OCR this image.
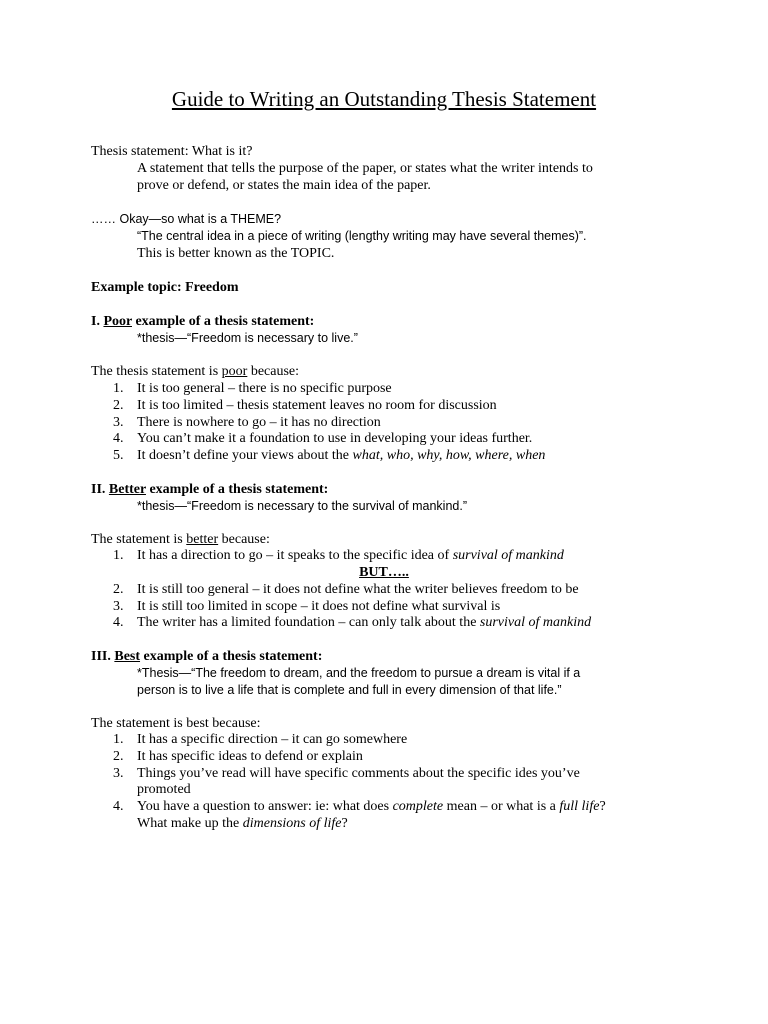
Guide to Writing an Outstanding Thesis Statement
Thesis statement: What is it?
A statement that tells the purpose of the paper, or states what the writer intends to
prove or defend, or states the main idea of the paper.
…… Okay—so what is a THEME?
“The central idea in a piece of writing (lengthy writing may have several themes)”.
This is better known as the TOPIC.
Example topic: Freedom
I. Poor example of a thesis statement:
*thesis—“Freedom is necessary to live.”
The thesis statement is poor because:
1. It is too general – there is no specific purpose
2. It is too limited – thesis statement leaves no room for discussion
3. There is nowhere to go – it has no direction
4. You can’t make it a foundation to use in developing your ideas further.
5. It doesn’t define your views about the what, who, why, how, where, when
II. Better example of a thesis statement:
*thesis—“Freedom is necessary to the survival of mankind.”
The statement is better because:
1. It has a direction to go – it speaks to the specific idea of survival of mankind
BUT…..
2. It is still too general – it does not define what the writer believes freedom to be
3. It is still too limited in scope – it does not define what survival is
4. The writer has a limited foundation – can only talk about the survival of mankind
III. Best example of a thesis statement:
*Thesis—“The freedom to dream, and the freedom to pursue a dream is vital if a
person is to live a life that is complete and full in every dimension of that life.”
The statement is best because:
1. It has a specific direction – it can go somewhere
2. It has specific ideas to defend or explain
3. Things you’ve read will have specific comments about the specific ides you’ve
promoted
4. You have a question to answer: ie: what does complete mean – or what is a full life?
What make up the dimensions of life?
